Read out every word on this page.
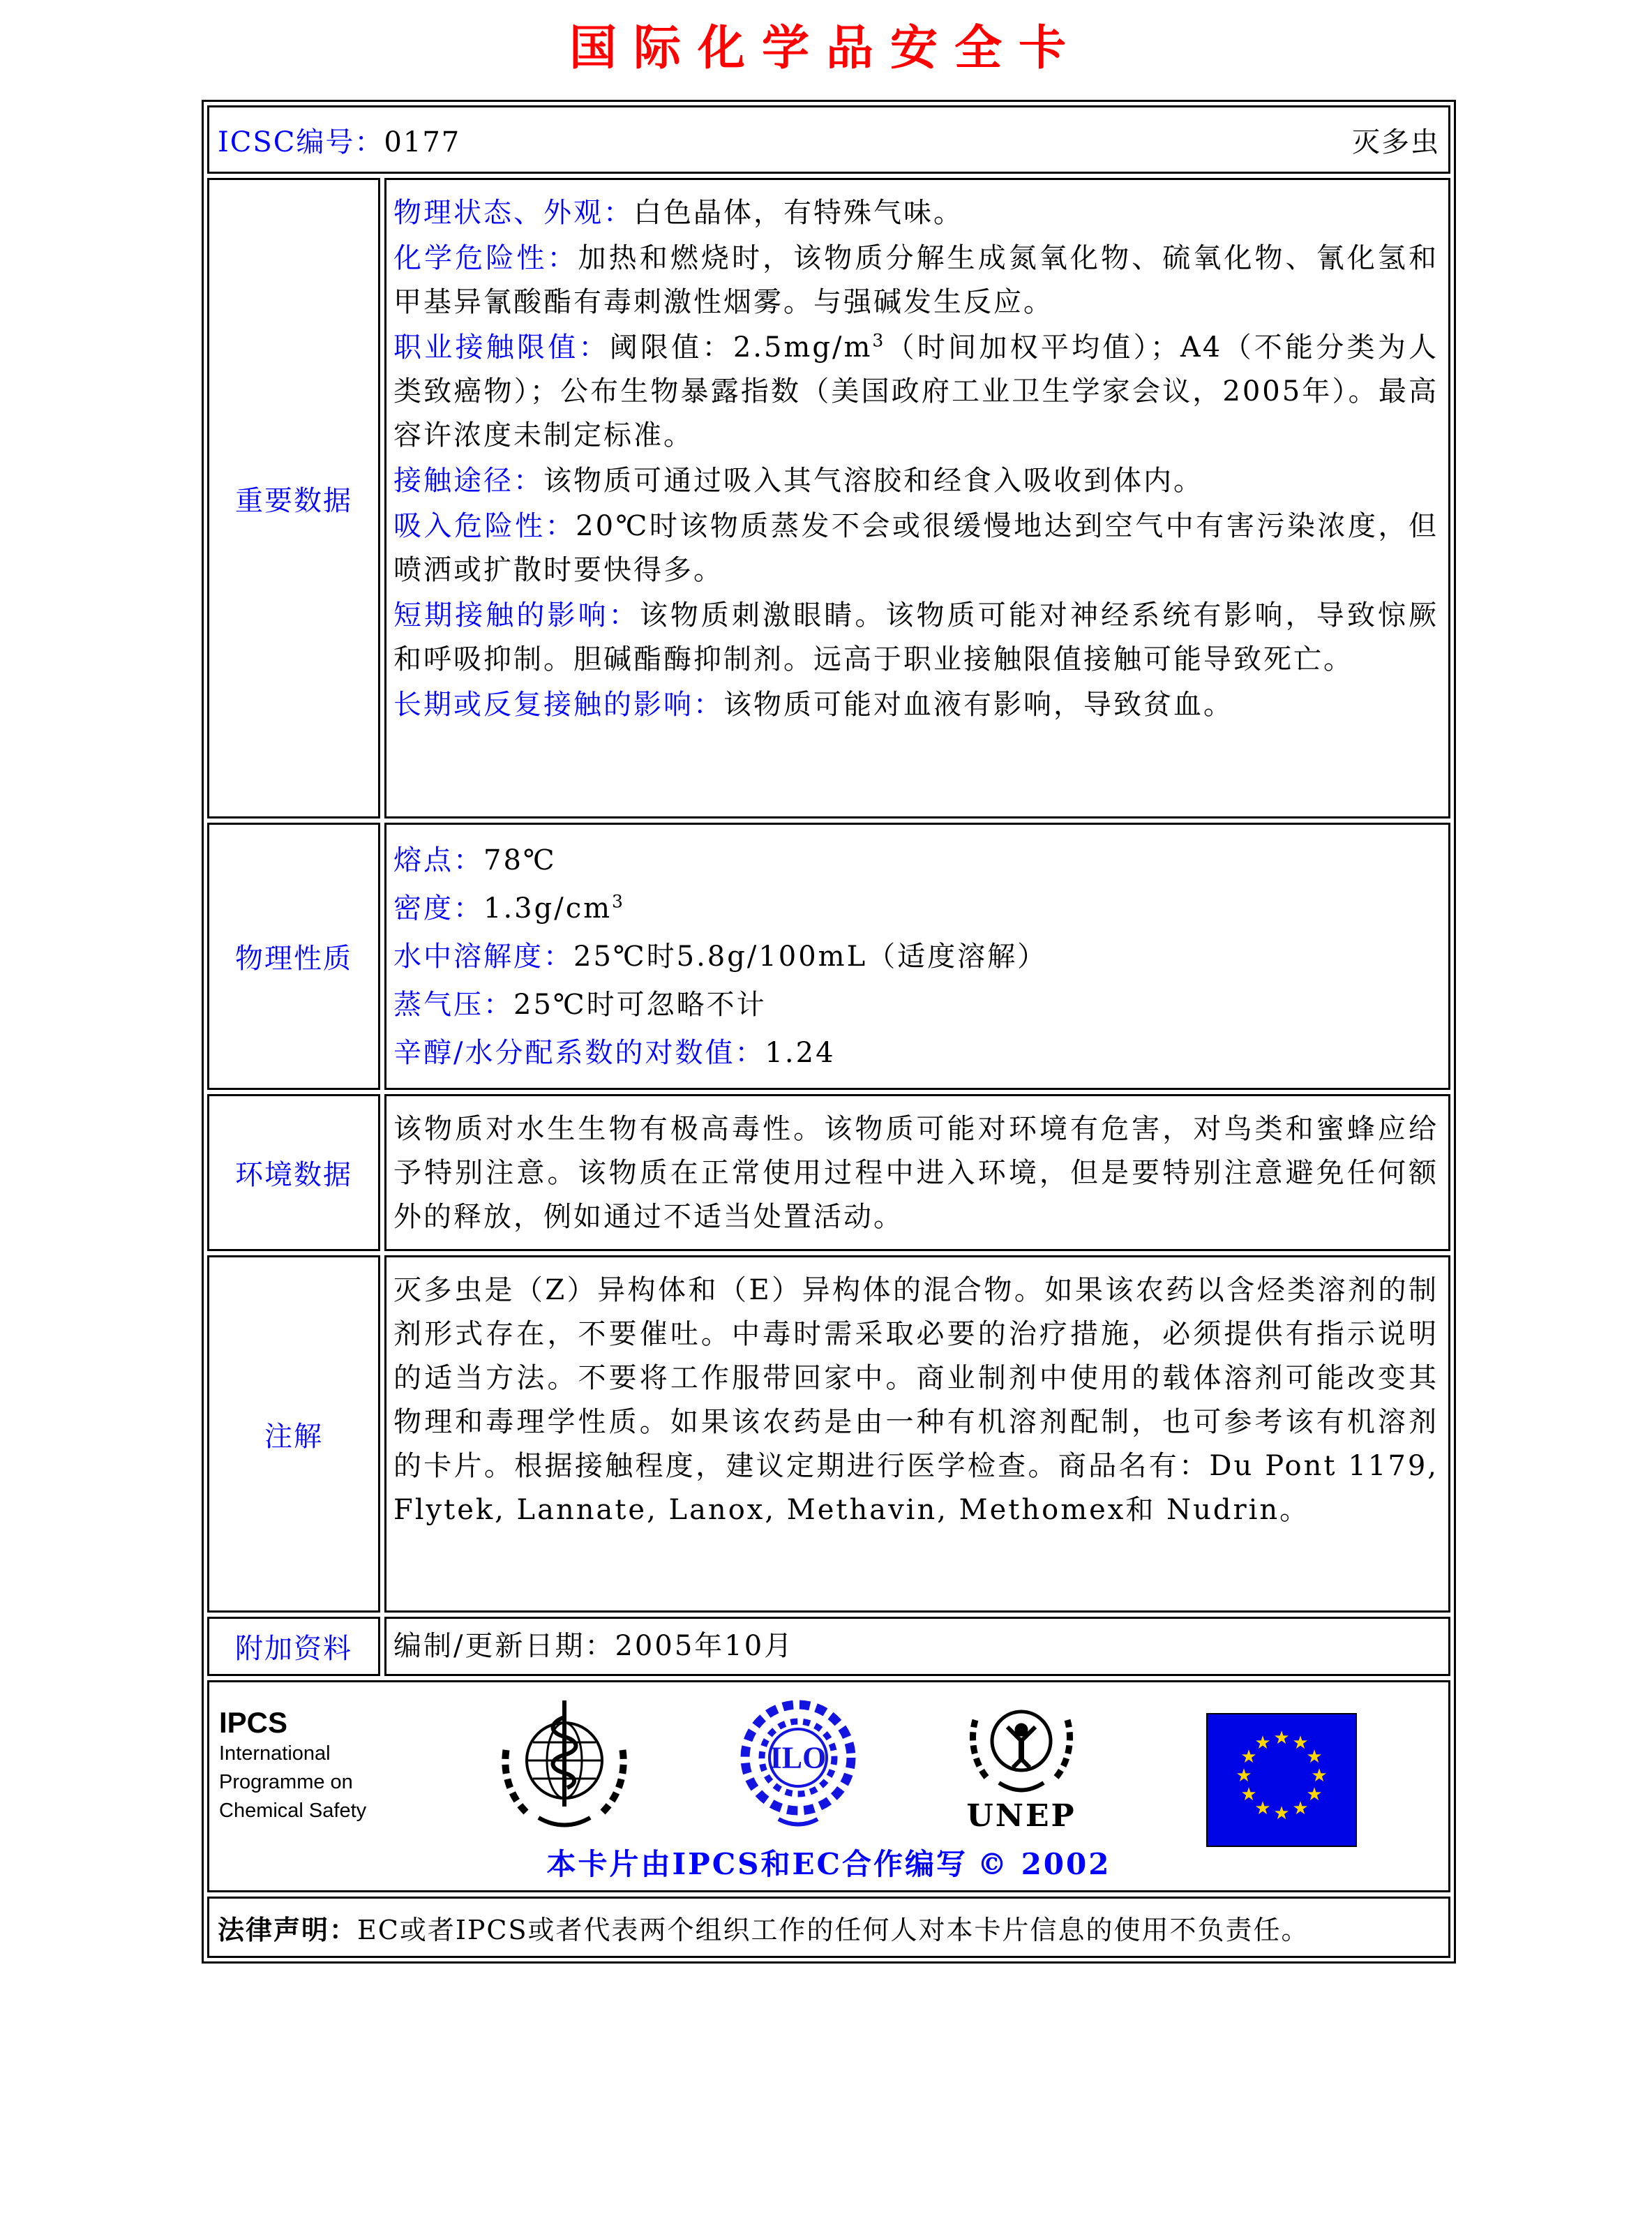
国际化学品安全卡
ICSC编号：0177	灭多虫
重要数据

物理状态、外观：白色晶体，有特殊气味。

化学危险性：加热和燃烧时，该物质分解生成氮氧化物、硫氧化物、氰化氢和甲基异氰酸酯有毒刺激性烟雾。与强碱发生反应。

职业接触限值：阈限值：$2.5mg/m^3$（时间加权平均值）；A4（不能分类为人类致癌物）；公布生物暴露指数（美国政府工业卫生学家会议，2005年）。最高容许浓度未制定标准。

接触途径：该物质可通过吸入其气溶胶和经食入吸收到体内。

吸入危险性：20℃时该物质蒸发不会或很缓慢地达到空气中有害污染浓度，但喷洒或扩散时要快得多。

短期接触的影响：该物质刺激眼睛。该物质可能对神经系统有影响，导致惊厥和呼吸抑制。胆碱酯酶抑制剂。远高于职业接触限值接触可能导致死亡。

长期或反复接触的影响：该物质可能对血液有影响，导致贫血。

物理性质

熔点：78℃

密度：$1.3g/cm^3$

水中溶解度：25℃时5.8g/100mL（适度溶解）

蒸气压：25℃时可忽略不计

辛醇/水分配系数的对数值：1.24

环境数据

该物质对水生生物有极高毒性。该物质可能对环境有危害，对鸟类和蜜蜂应给予特别注意。该物质在正常使用过程中进入环境，但是要特别注意避免任何额外的释放，例如通过不适当处置活动。

注解

灭多虫是（Z）异构体和（E）异构体的混合物。如果该农药以含烃类溶剂的制剂形式存在，不要催吐。中毒时需采取必要的治疗措施，必须提供有指示说明的适当方法。不要将工作服带回家中。商业制剂中使用的载体溶剂可能改变其物理和毒理学性质。如果该农药是由一种有机溶剂配制，也可参考该有机溶剂的卡片。根据接触程度，建议定期进行医学检查。商品名有：Du Pont 1179, Flytek, Lannate, Lanox, Methavin, Methomex和 Nudrin。

附加资料	编制/更新日期： 2005年10月
IPCS
International
Programme on
Chemical Safety
ILO
UNEP
★ ★
★
★
★
★
★
★
★
★
★
★
本卡片由IPCS和EC合作编写 © 2002
法律声明：EC或者IPCS或者代表两个组织工作的任何人对本卡片信息的使用不负责任。
